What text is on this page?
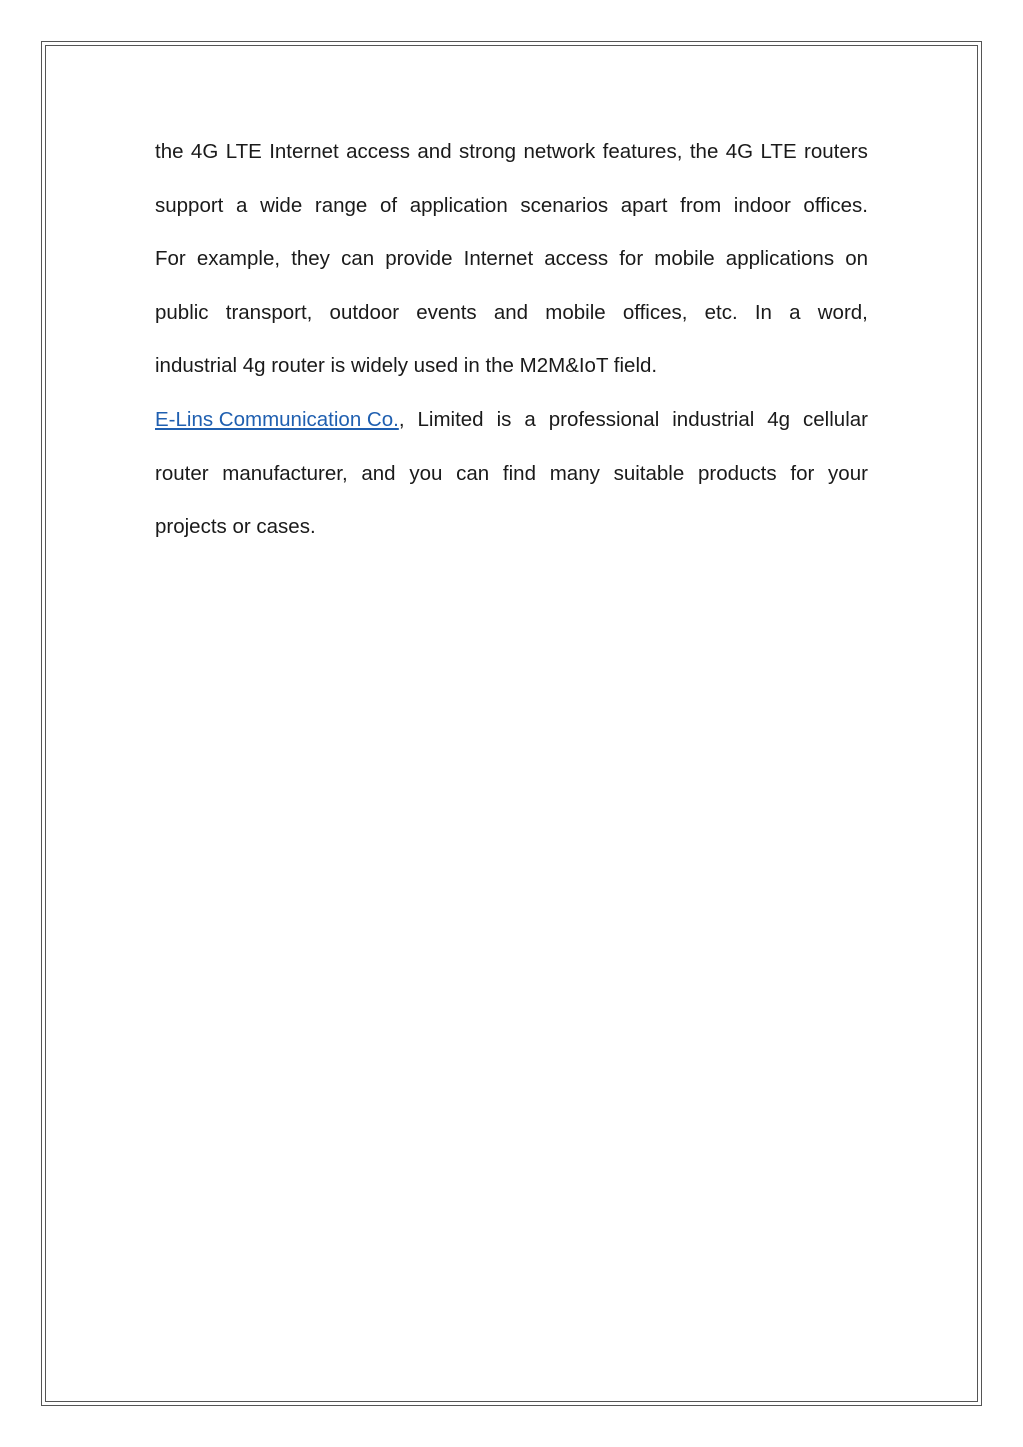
the 4G LTE Internet access and strong network features, the 4G LTE routers
support a wide range of application scenarios apart from indoor offices.
For example, they can provide Internet access for mobile applications on
public transport, outdoor events and mobile offices, etc. In a word,
industrial 4g router is widely used in the M2M&IoT field.
E-Lins Communication Co., Limited is a professional industrial 4g cellular
router manufacturer, and you can find many suitable products for your
projects or cases.
